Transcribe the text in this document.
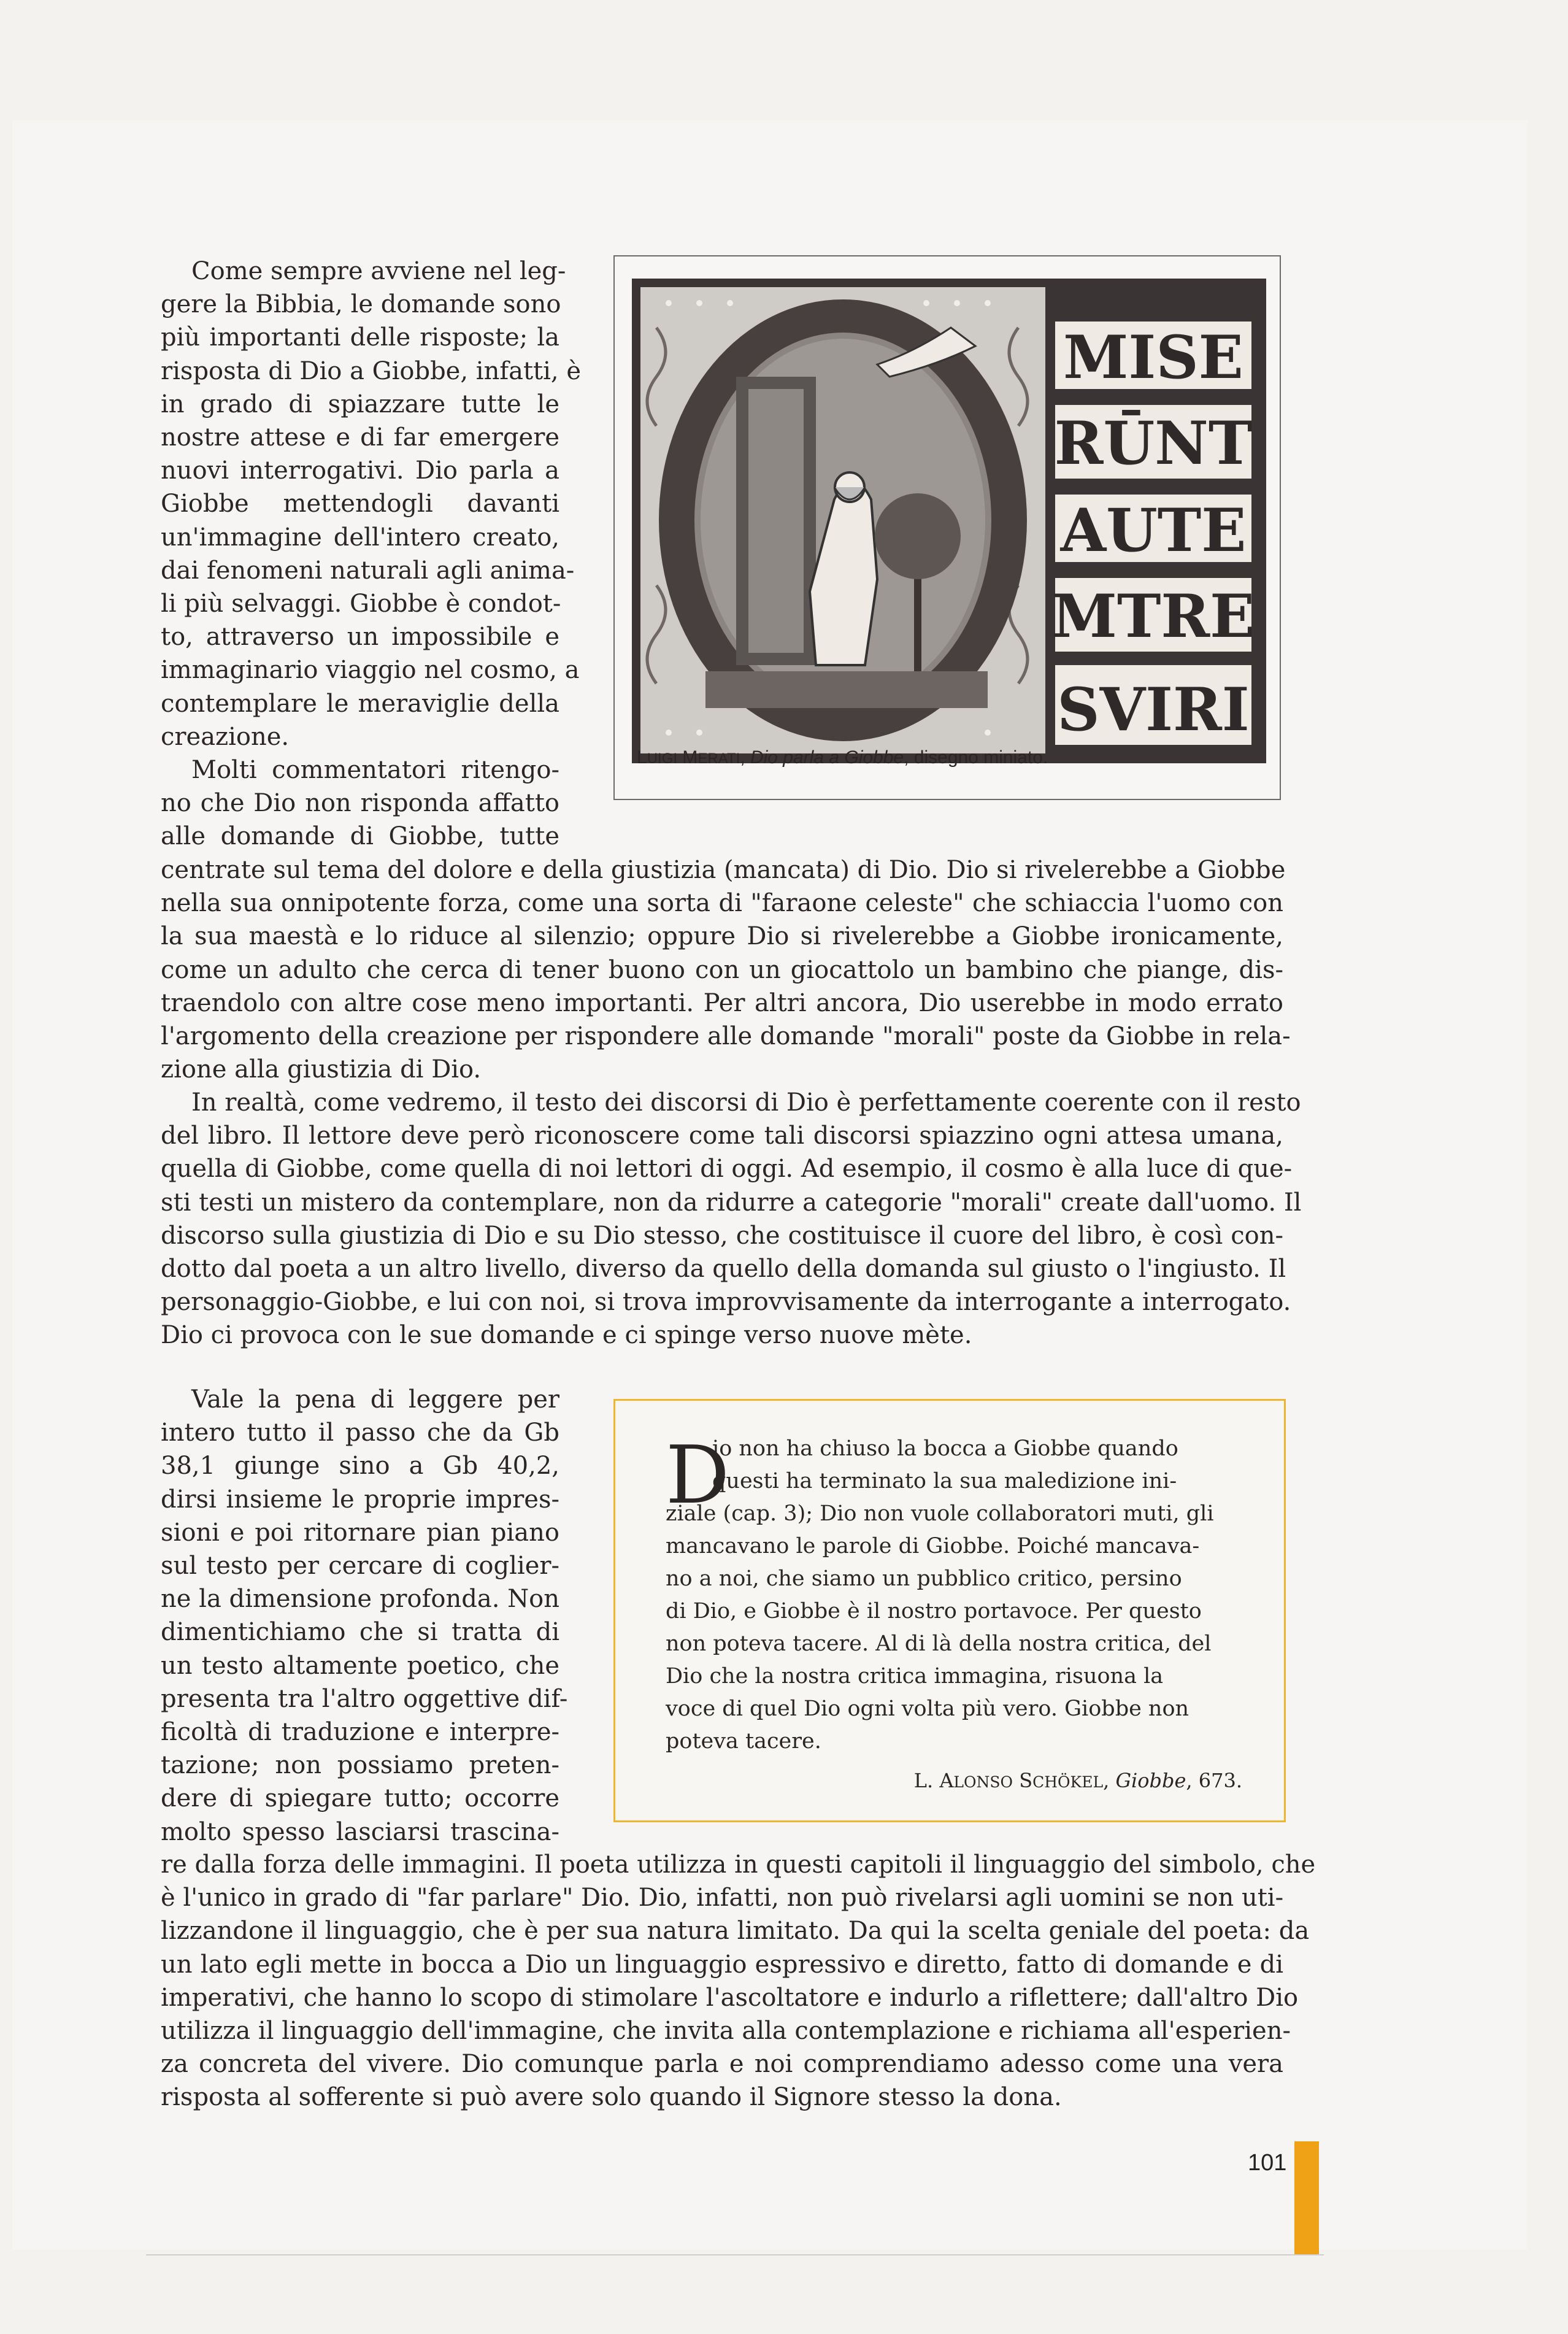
Come sempre avviene nel leg-
gere la Bibbia, le domande sono
più importanti delle risposte; la
risposta di Dio a Giobbe, infatti, è
in grado di spiazzare tutte le
nostre attese e di far emergere
nuovi interrogativi. Dio parla a
Giobbe mettendogli davanti
un'immagine dell'intero creato,
dai fenomeni naturali agli anima-
li più selvaggi. Giobbe è condot-
to, attraverso un impossibile e
immaginario viaggio nel cosmo, a
contemplare le meraviglie della
creazione.
Molti commentatori ritengo-
no che Dio non risponda affatto
alle domande di Giobbe, tutte
centrate sul tema del dolore e della giustizia (mancata) di Dio. Dio si rivelerebbe a Giobbe
nella sua onnipotente forza, come una sorta di "faraone celeste" che schiaccia l'uomo con
la sua maestà e lo riduce al silenzio; oppure Dio si rivelerebbe a Giobbe ironicamente,
come un adulto che cerca di tener buono con un giocattolo un bambino che piange, dis-
traendolo con altre cose meno importanti. Per altri ancora, Dio userebbe in modo errato
l'argomento della creazione per rispondere alle domande "morali" poste da Giobbe in rela-
zione alla giustizia di Dio.
In realtà, come vedremo, il testo dei discorsi di Dio è perfettamente coerente con il resto
del libro. Il lettore deve però riconoscere come tali discorsi spiazzino ogni attesa umana,
quella di Giobbe, come quella di noi lettori di oggi. Ad esempio, il cosmo è alla luce di que-
sti testi un mistero da contemplare, non da ridurre a categorie "morali" create dall'uomo. Il
discorso sulla giustizia di Dio e su Dio stesso, che costituisce il cuore del libro, è così con-
dotto dal poeta a un altro livello, diverso da quello della domanda sul giusto o l'ingiusto. Il
personaggio-Giobbe, e lui con noi, si trova improvvisamente da interrogante a interrogato.
Dio ci provoca con le sue domande e ci spinge verso nuove mète.
Vale la pena di leggere per
intero tutto il passo che da Gb
38,1 giunge sino a Gb 40,2,
dirsi insieme le proprie impres-
sioni e poi ritornare pian piano
sul testo per cercare di coglier-
ne la dimensione profonda. Non
dimentichiamo che si tratta di
un testo altamente poetico, che
presenta tra l'altro oggettive dif-
ficoltà di traduzione e interpre-
tazione; non possiamo preten-
dere di spiegare tutto; occorre
molto spesso lasciarsi trascina-
re dalla forza delle immagini. Il poeta utilizza in questi capitoli il linguaggio del simbolo, che
è l'unico in grado di "far parlare" Dio. Dio, infatti, non può rivelarsi agli uomini se non uti-
lizzandone il linguaggio, che è per sua natura limitato. Da qui la scelta geniale del poeta: da
un lato egli mette in bocca a Dio un linguaggio espressivo e diretto, fatto di domande e di
imperativi, che hanno lo scopo di stimolare l'ascoltatore e indurlo a riflettere; dall'altro Dio
utilizza il linguaggio dell'immagine, che invita alla contemplazione e richiama all'esperien-
za concreta del vivere. Dio comunque parla e noi comprendiamo adesso come una vera
risposta al sofferente si può avere solo quando il Signore stesso la dona.
MISE
RŪNT
AUTE
MTRE
SVIRI
LUIGI MERATI, Dio parla a Giobbe, disegno miniato.
D
io non ha chiuso la bocca a Giobbe quando
questi ha terminato la sua maledizione ini-
ziale (cap. 3); Dio non vuole collaboratori muti, gli
mancavano le parole di Giobbe. Poiché mancava-
no a noi, che siamo un pubblico critico, persino
di Dio, e Giobbe è il nostro portavoce. Per questo
non poteva tacere. Al di là della nostra critica, del
Dio che la nostra critica immagina, risuona la
voce di quel Dio ogni volta più vero. Giobbe non
poteva tacere.
L. ALONSO SCHÖKEL, Giobbe, 673.
101
